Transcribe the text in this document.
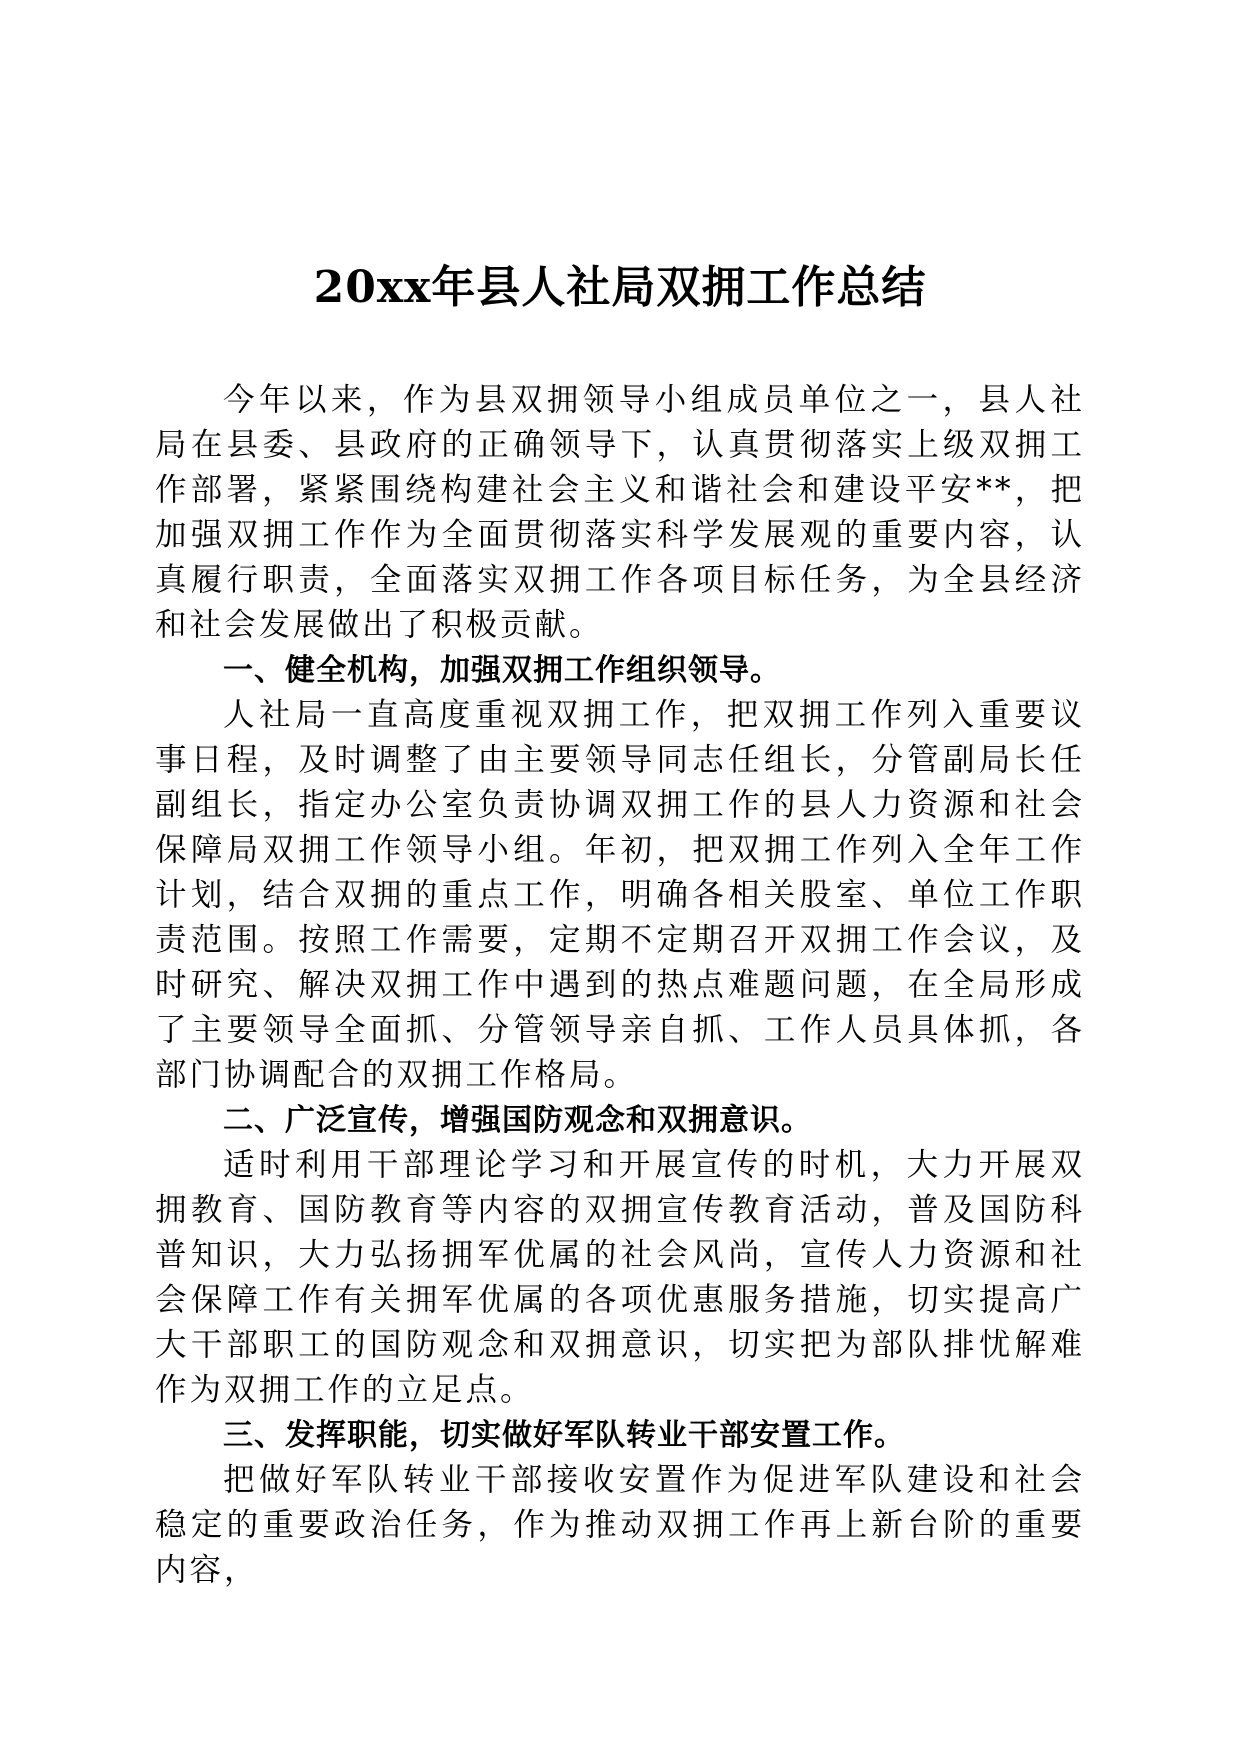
20xx年县人社局双拥工作总结

今年以来，作为县双拥领导小组成员单位之一，县人社局在县委、县政府的正确领导下，认真贯彻落实上级双拥工作部署，紧紧围绕构建社会主义和谐社会和建设平安**，把加强双拥工作作为全面贯彻落实科学发展观的重要内容，认真履行职责，全面落实双拥工作各项目标任务，为全县经济和社会发展做出了积极贡献。

一、健全机构，加强双拥工作组织领导。

人社局一直高度重视双拥工作，把双拥工作列入重要议事日程，及时调整了由主要领导同志任组长，分管副局长任副组长，指定办公室负责协调双拥工作的县人力资源和社会保障局双拥工作领导小组。年初，把双拥工作列入全年工作计划，结合双拥的重点工作，明确各相关股室、单位工作职责范围。按照工作需要，定期不定期召开双拥工作会议，及时研究、解决双拥工作中遇到的热点难题问题，在全局形成了主要领导全面抓、分管领导亲自抓、工作人员具体抓，各部门协调配合的双拥工作格局。

二、广泛宣传，增强国防观念和双拥意识。

适时利用干部理论学习和开展宣传的时机，大力开展双拥教育、国防教育等内容的双拥宣传教育活动，普及国防科普知识，大力弘扬拥军优属的社会风尚，宣传人力资源和社会保障工作有关拥军优属的各项优惠服务措施，切实提高广大干部职工的国防观念和双拥意识，切实把为部队排忧解难作为双拥工作的立足点。

三、发挥职能，切实做好军队转业干部安置工作。

把做好军队转业干部接收安置作为促进军队建设和社会稳定的重要政治任务，作为推动双拥工作再上新台阶的重要内容，
